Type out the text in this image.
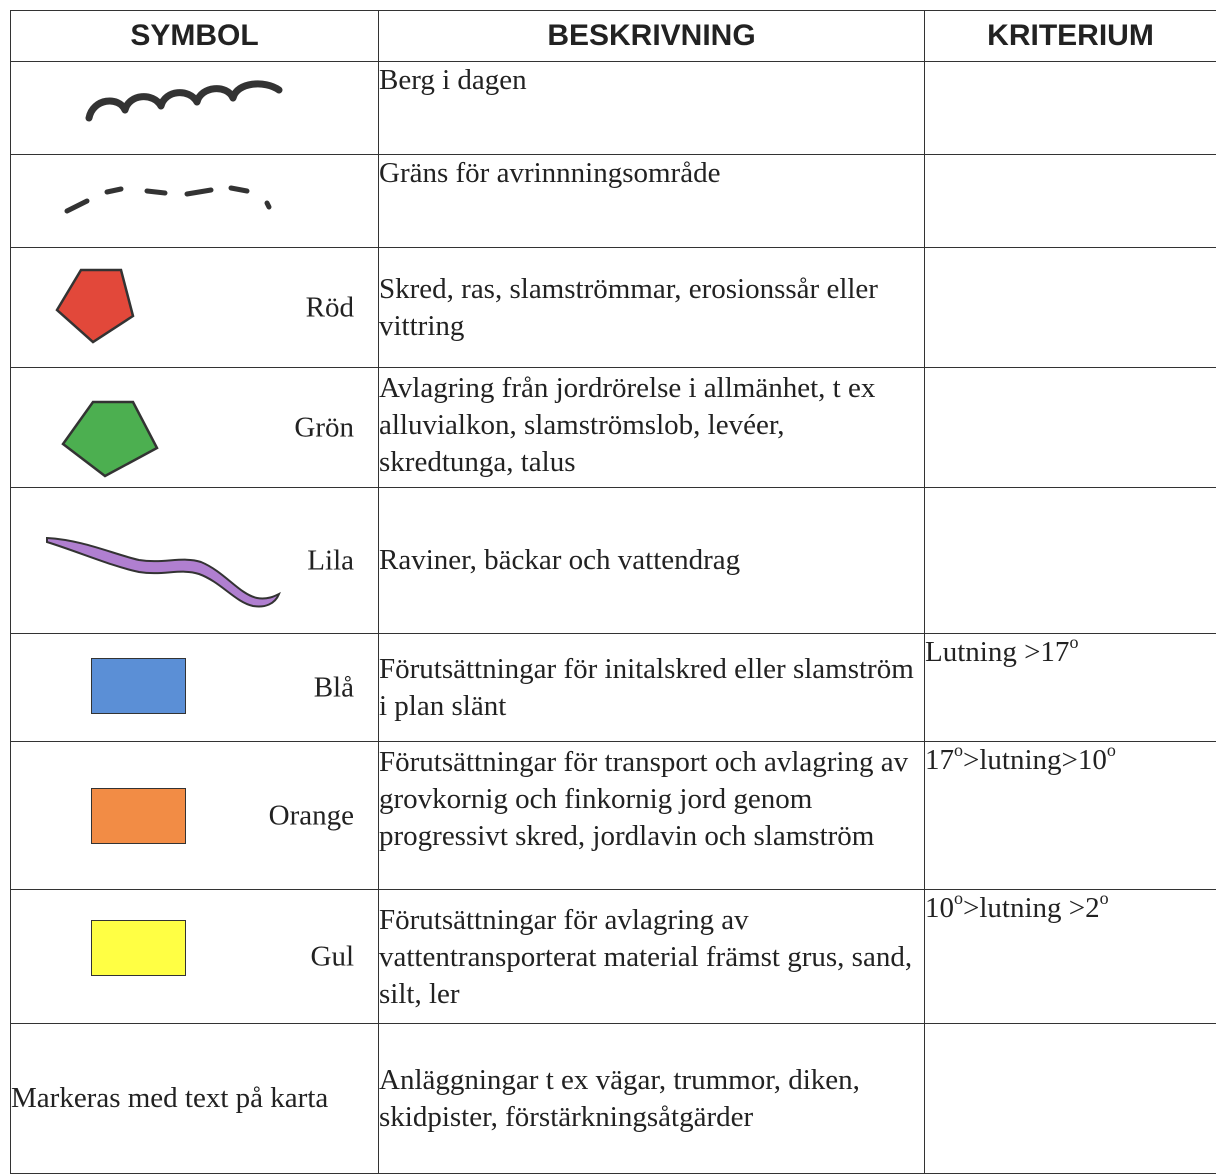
SYMBOL	BESKRIVNING	KRITERIUM

	Berg i dagen	

	Gräns för avrinnningsområde	

Röd	Skred, ras, slamströmmar, erosionssår eller vittring	

Grön	Avlagring från jordrörelse i allmänhet, t ex alluvialkon, slamströmslob, levéer, skredtunga, talus	

Lila	Raviner, bäckar och vattendrag	

Blå	Förutsättningar för initalskred eller slamström i plan slänt	Lutning $>17^o$

Orange	Förutsättningar för transport och avlagring av grovkornig och finkornig jord genom progressivt skred, jordlavin och slamström	$17^o>lutning>10^o$

Gul	Förutsättningar för avlagring av vattentransporterat material främst grus, sand, silt, ler	$10^o>lutning >2^o$
Markeras med text på karta	Anläggningar t ex vägar, trummor, diken, skidpister, förstärkningsåtgärder	
